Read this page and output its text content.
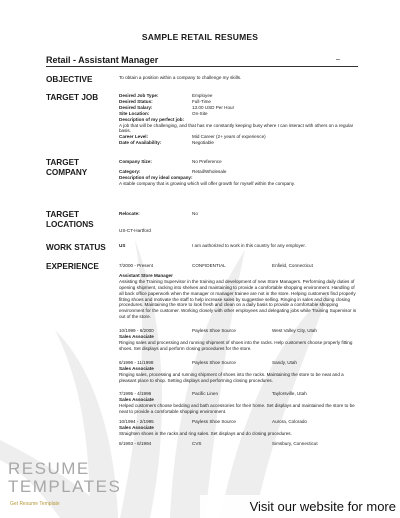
SAMPLE RETAIL RESUMES
Retail - Assistant Manager	–
OBJECTIVE	To obtain a position within a company to challenge my skills.
TARGET JOB	Desired Job Type:	Employee
Desired Status:	Full-Time
Desired Salary:	13.00 USD Per Hour
Site Location:	On-Site
Description of my perfect job:
A job that will be challenging, and that has me constantly keeping busy where I can interact with others on a regular basis.
Career Level:	Mid Career (2+ years of experience)
Date of Availability:	Negotiable
TARGET
COMPANY
Company Size:	No Preference
Category:	Retail/Wholesale
Description of my ideal company:
A stable company that is growing which will offer growth for myself within the company.
TARGET
LOCATIONS
Relocate:	No
US-CT-Hartford
WORK STATUS	US	I am authorized to work in this country for any employer.
EXPERIENCE	7/2000 - Present	CONFIDENTIAL	Enfield, Connecticut
Assistant Store Manager
Assisting the Training Supervisor in the training and development of new Store Managers. Performing daily duties of opening shipment, racking into shelves and maintaining to provide a comfortable shopping environment. Handling of all back office paperwork when the manager or manager trainee are not in the store. Helping customers find properly fitting shoes and motivate the staff to help increase sales by suggestive selling. Ringing in sales and doing closing procedures. Maintaining the store to look fresh and clean on a daily basis to provide a comfortable shopping environment for the customer. Working closely with other employees and delegating jobs while Training Supervisor is out of the store.
10/1999 - 6/2000	Payless Shoe Source	West Valley City, Utah
Sales Associate
Ringing sales and processing and running shipment of shoes into the racks. Help customers choose properly fitting shoes. Set displays and perform closing procedures for the store.
6/1996 - 11/1998	Payless Shoe Source	Sandy, Utah
Sales Associate
Ringing sales, processing and running shipment of shoes into the racks. Maintaining the store to be neat and a pleasant place to shop. Setting displays and performing closing procedures.
7/1995 - 4/1996	Pacific Linen	Taylorsville, Utah
Sales Associate
Helped customers choose bedding and bath accessories for their home. Set displays and maintained the store to be neat to provide a comfortable shopping environment.
10/1994 - 2/1995	Payless Shoe Source	Aurora, Colorado
Sales Associate
Straighten shoes in the racks and ring sales. Set displays and do closing procedures.
8/1993 - 6/1994	CVS	Simsbury, Connecticut
RESUME
TEMPLATES
Get Resume Template	Visit our website for more
